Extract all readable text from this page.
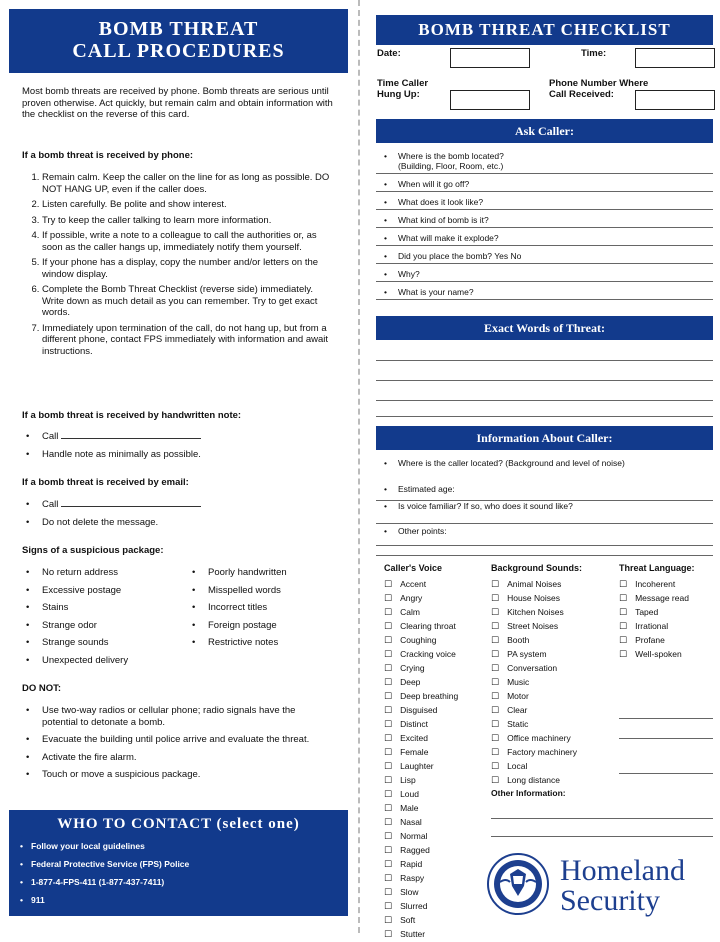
BOMB THREAT
CALL PROCEDURES
Most bomb threats are received by phone. Bomb threats are serious until proven otherwise. Act quickly, but remain calm and obtain information with the checklist on the reverse of this card.
If a bomb threat is received by phone:
1. Remain calm. Keep the caller on the line for as long as possible. DO NOT HANG UP, even if the caller does.
2. Listen carefully. Be polite and show interest.
3. Try to keep the caller talking to learn more information.
4. If possible, write a note to a colleague to call the authorities or, as soon as the caller hangs up, immediately notify them yourself.
5. If your phone has a display, copy the number and/or letters on the window display.
6. Complete the Bomb Threat Checklist (reverse side) immediately. Write down as much detail as you can remember. Try to get exact words.
7. Immediately upon termination of the call, do not hang up, but from a different phone, contact FPS immediately with information and await instructions.
If a bomb threat is received by handwritten note:
• Call
• Handle note as minimally as possible.
If a bomb threat is received by email:
• Call
• Do not delete the message.
Signs of a suspicious package:
• No return address
• Excessive postage
• Stains
• Strange odor
• Strange sounds
• Unexpected delivery
• Poorly handwritten
• Misspelled words
• Incorrect titles
• Foreign postage
• Restrictive notes
DO NOT:
• Use two-way radios or cellular phone; radio signals have the potential to detonate a bomb.
• Evacuate the building until police arrive and evaluate the threat.
• Activate the fire alarm.
• Touch or move a suspicious package.
WHO TO CONTACT (select one)
• Follow your local guidelines
• Federal Protective Service (FPS) Police
• 1-877-4-FPS-411 (1-877-437-7411)
• 911
BOMB THREAT CHECKLIST
Date:	Time:
Time Caller
Hung Up:
Phone Number Where
Call Received:
Ask Caller:
• Where is the bomb located?
(Building, Floor, Room, etc.)
• When will it go off?
• What does it look like?
• What kind of bomb is it?
• What will make it explode?
• Did you place the bomb? Yes No
• Why?
• What is your name?
Exact Words of Threat:
Information About Caller:
• Where is the caller located? (Background and level of noise)
• Estimated age:
• Is voice familiar? If so, who does it sound like?
• Other points:
Caller's Voice
☐ Accent
☐ Angry
☐ Calm
☐ Clearing throat
☐ Coughing
☐ Cracking voice
☐ Crying
☐ Deep
☐ Deep breathing
☐ Disguised
☐ Distinct
☐ Excited
☐ Female
☐ Laughter
☐ Lisp
☐ Loud
☐ Male
☐ Nasal
☐ Normal
☐ Ragged
☐ Rapid
☐ Raspy
☐ Slow
☐ Slurred
☐ Soft
☐ Stutter
Background Sounds:
☐ Animal Noises
☐ House Noises
☐ Kitchen Noises
☐ Street Noises
☐ Booth
☐ PA system
☐ Conversation
☐ Music
☐ Motor
☐ Clear
☐ Static
☐ Office machinery
☐ Factory machinery
☐ Local
☐ Long distance
Threat Language:
☐ Incoherent
☐ Message read
☐ Taped
☐ Irrational
☐ Profane
☐ Well-spoken
Other Information:
Homeland
Security
